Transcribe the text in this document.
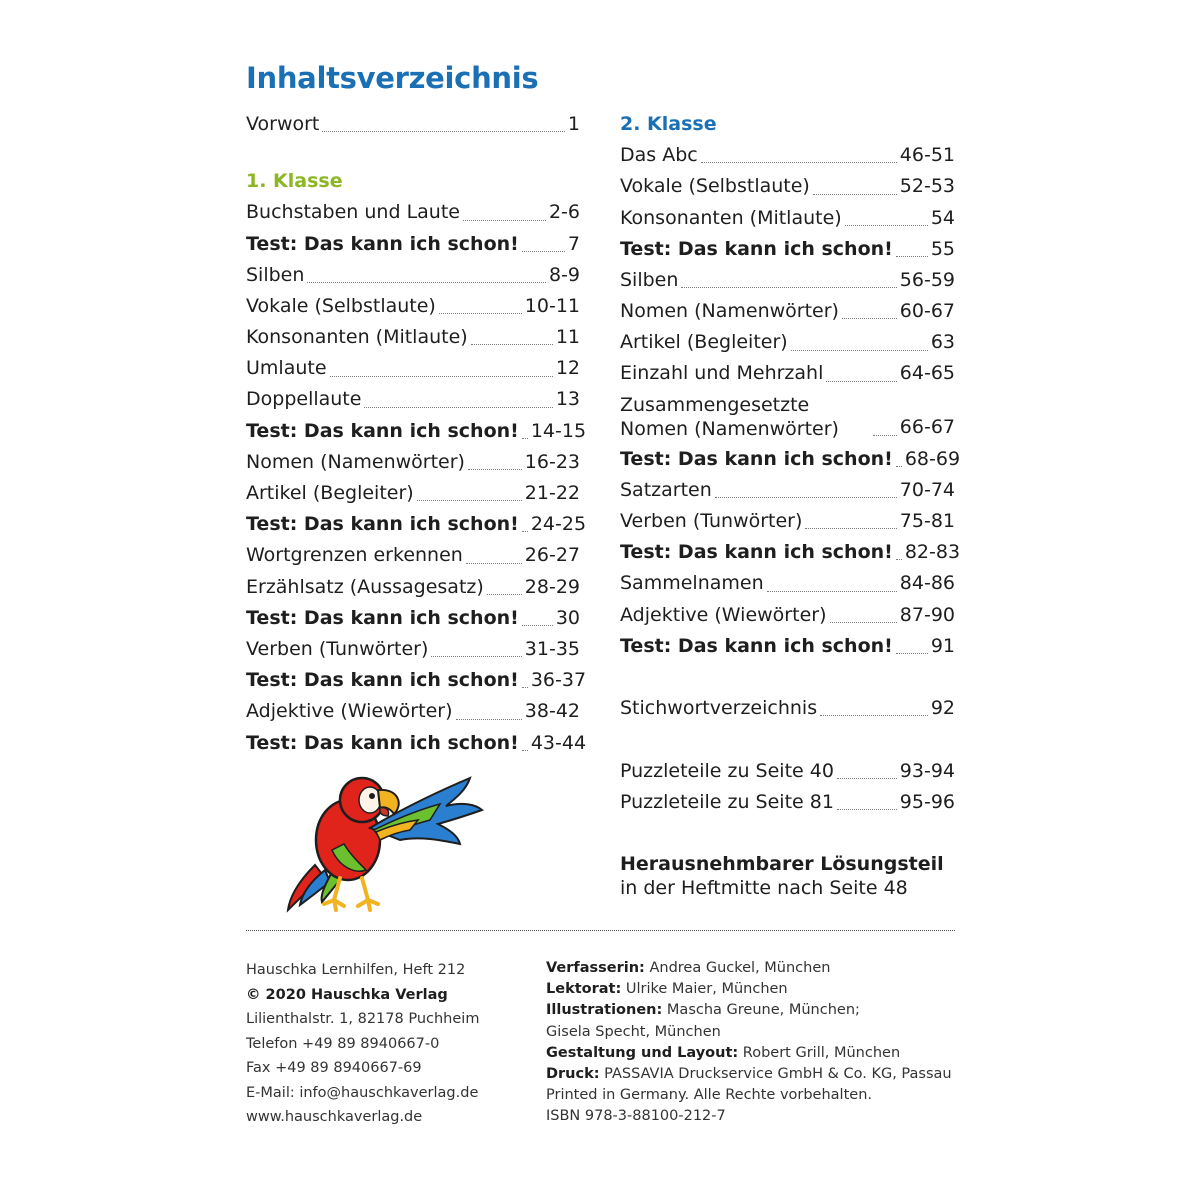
Inhaltsverzeichnis
Vorwort	1
1. Klasse
Buchstaben und Laute	2-6
Test: Das kann ich schon!	7
Silben	8-9
Vokale (Selbstlaute)	10-11
Konsonanten (Mitlaute)	11
Umlaute	12
Doppellaute	13
Test: Das kann ich schon! 14-15
Nomen (Namenwörter)	16-23
Artikel (Begleiter)	21-22
Test: Das kann ich schon! 24-25
Wortgrenzen erkennen	26-27
Erzählsatz (Aussagesatz) 28-29
Test: Das kann ich schon! 30
Verben (Tunwörter)	31-35
Test: Das kann ich schon! 36-37
Adjektive (Wiewörter)	38-42
Test: Das kann ich schon! 43-44
2. Klasse
Das Abc	46-51
Vokale (Selbstlaute)	52-53
Konsonanten (Mitlaute)	54
Test: Das kann ich schon! 55
Silben	56-59
Nomen (Namenwörter)	60-67
Artikel (Begleiter)	63
Einzahl und Mehrzahl	64-65
Zusammengesetzte Nomen (Namenwörter)	66-67
Test: Das kann ich schon! 68-69
Satzarten	70-74
Verben (Tunwörter)	75-81
Test: Das kann ich schon! 82-83
Sammelnamen	84-86
Adjektive (Wiewörter)	87-90
Test: Das kann ich schon! 91
Stichwortverzeichnis	92
Puzzleteile zu Seite 40	93-94
Puzzleteile zu Seite 81	95-96
Herausnehmbarer Lösungsteil
in der Heftmitte nach Seite 48
Hauschka Lernhilfen, Heft 212
© 2020 Hauschka Verlag
Lilienthalstr. 1, 82178 Puchheim
Telefon +49 89 8940667-0
Fax +49 89 8940667-69
E-Mail: info@hauschkaverlag.de
www.hauschkaverlag.de
Verfasserin: Andrea Guckel, München
Lektorat: Ulrike Maier, München
Illustrationen: Mascha Greune, München;
Gisela Specht, München
Gestaltung und Layout: Robert Grill, München
Druck: PASSAVIA Druckservice GmbH & Co. KG, Passau
Printed in Germany. Alle Rechte vorbehalten.
ISBN 978-3-88100-212-7
